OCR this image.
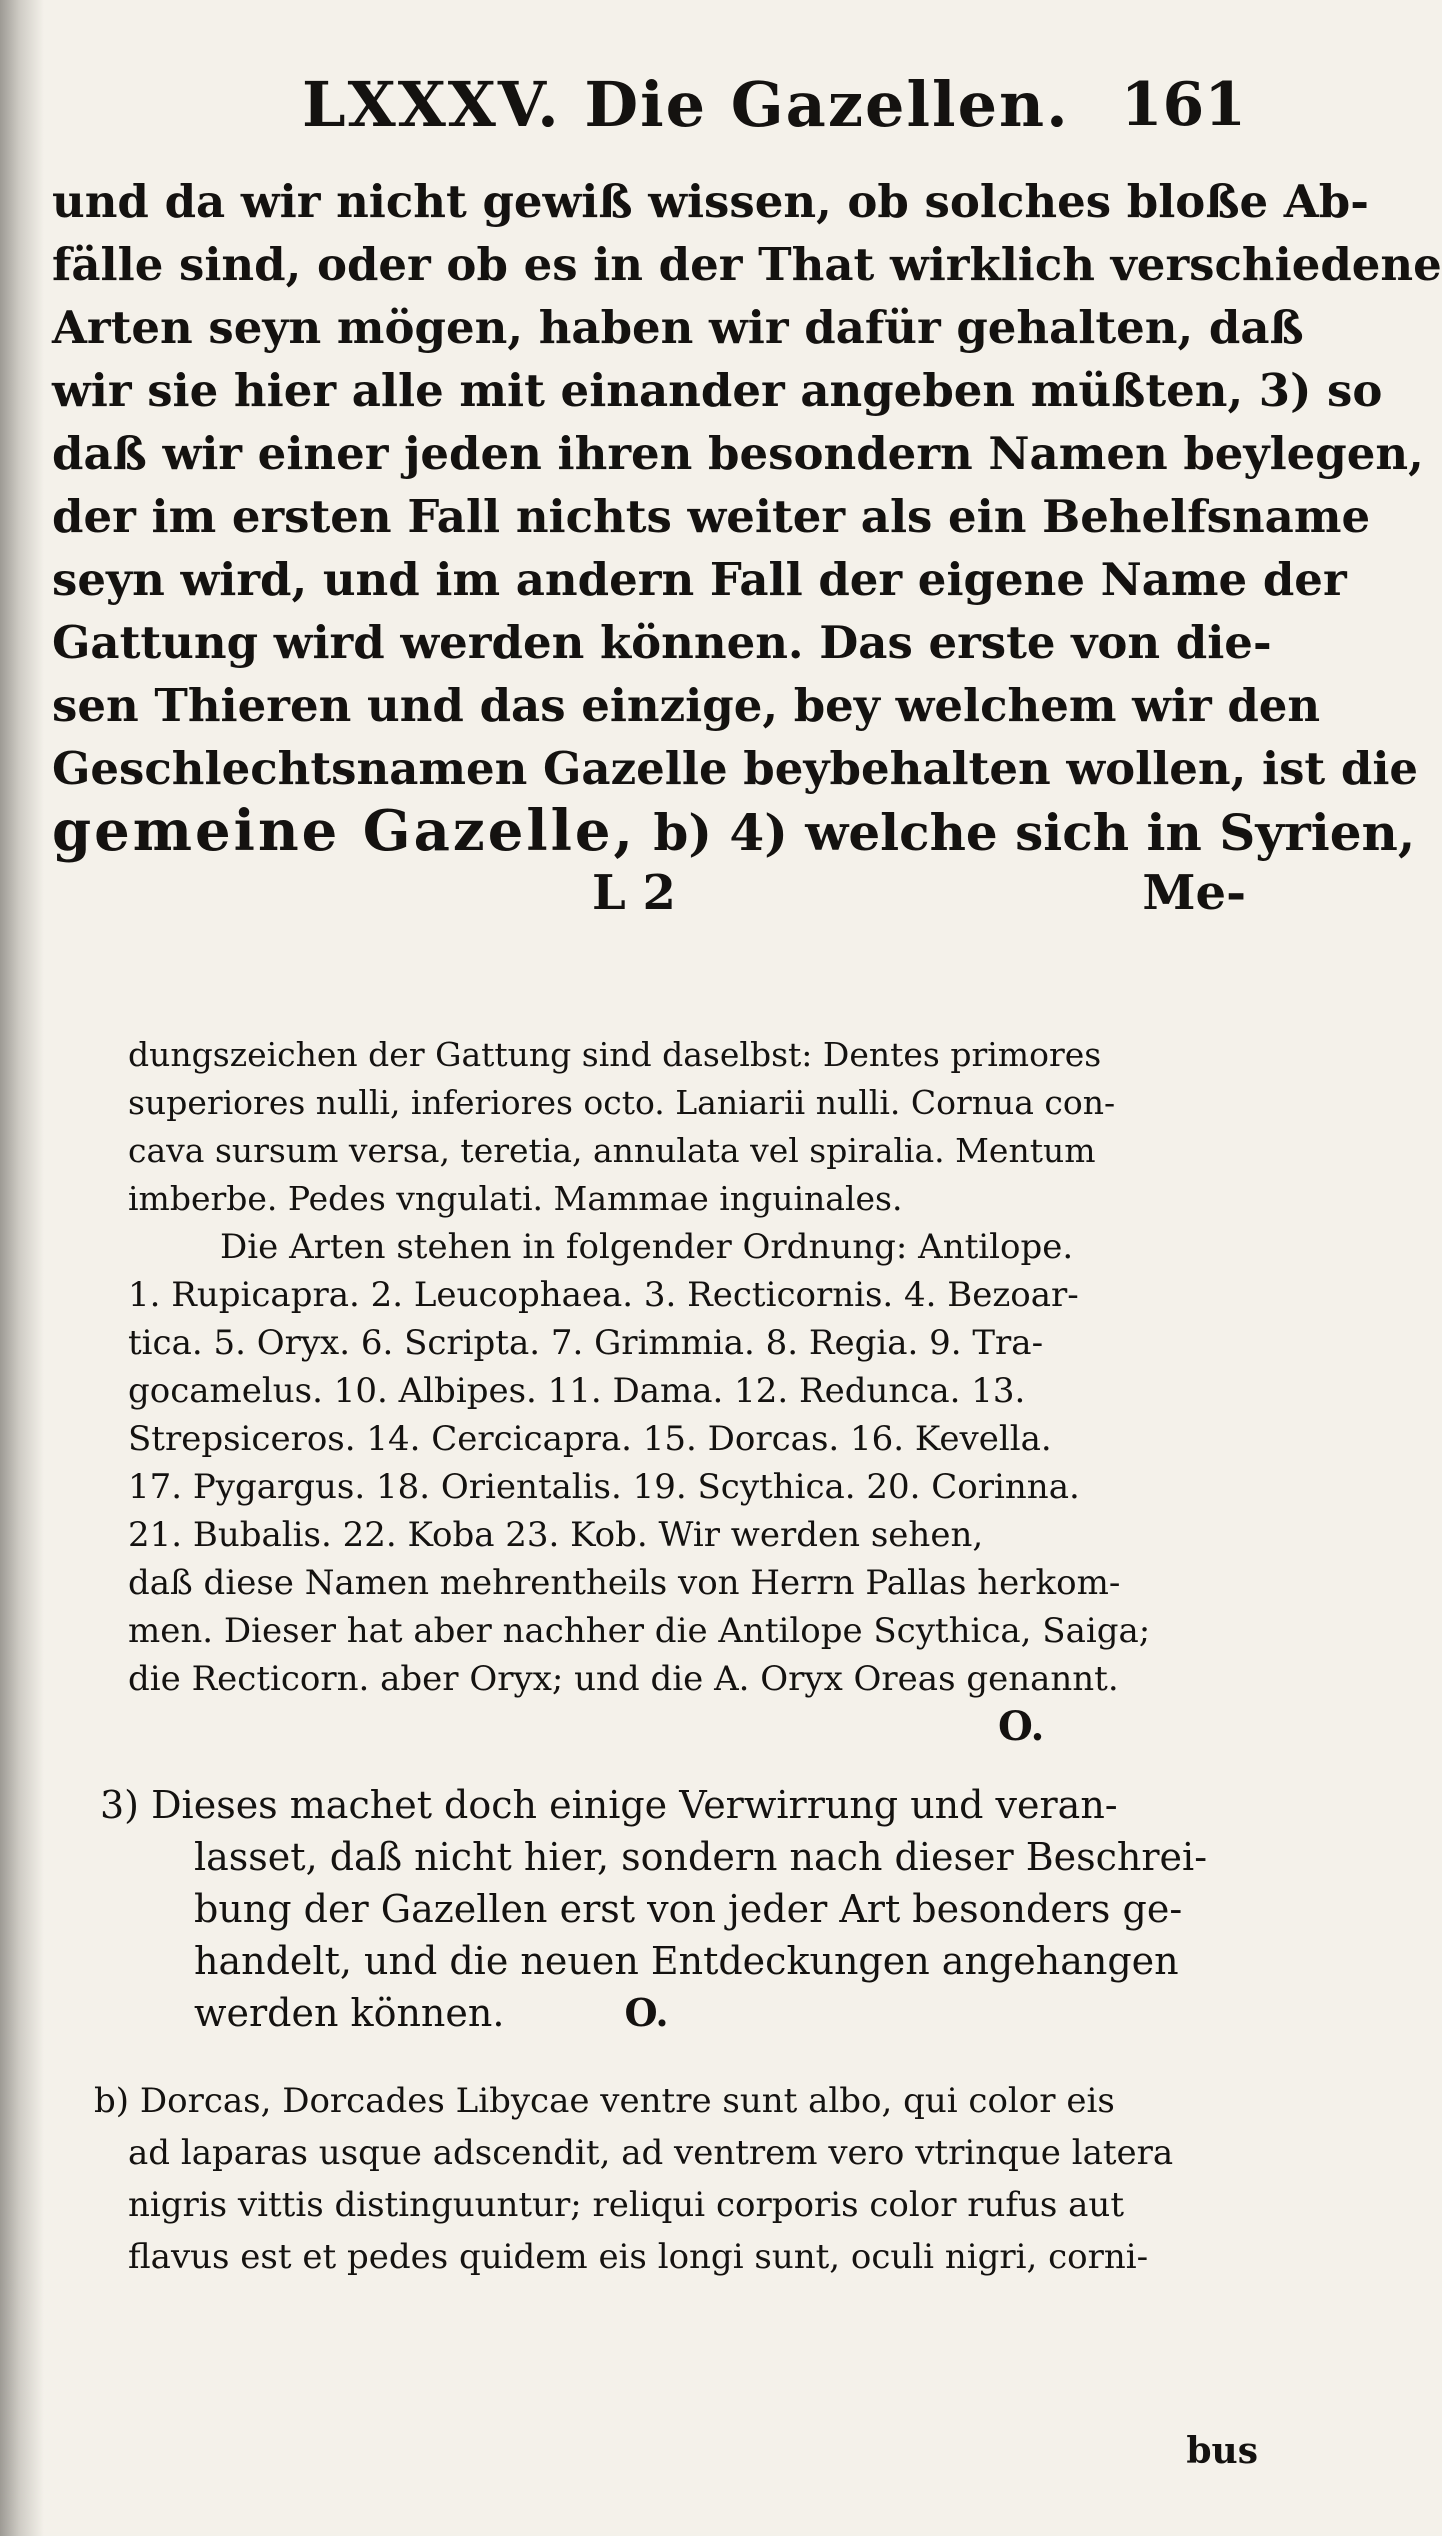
LXXXV. Die Gazellen. 161
und da wir nicht gewiß wissen, ob solches bloße Ab-
fälle sind, oder ob es in der That wirklich verschiedene
Arten seyn mögen, haben wir dafür gehalten, daß
wir sie hier alle mit einander angeben müßten, 3) so
daß wir einer jeden ihren besondern Namen beylegen,
der im ersten Fall nichts weiter als ein Behelfsname
seyn wird, und im andern Fall der eigene Name der
Gattung wird werden können. Das erste von die-
sen Thieren und das einzige, bey welchem wir den
Geschlechtsnamen Gazelle beybehalten wollen, ist die
gemeine Gazelle, b) 4) welche sich in Syrien,
L 2	Me-
dungszeichen der Gattung sind daselbst: Dentes primores
superiores nulli, inferiores octo. Laniarii nulli. Cornua con-
cava sursum versa, teretia, annulata vel spiralia. Mentum
imberbe. Pedes vngulati. Mammae inguinales.
Die Arten stehen in folgender Ordnung: Antilope.
1. Rupicapra. 2. Leucophaea. 3. Recticornis. 4. Bezoar-
tica. 5. Oryx. 6. Scripta. 7. Grimmia. 8. Regia. 9. Tra-
gocamelus. 10. Albipes. 11. Dama. 12. Redunca. 13.
Strepsiceros. 14. Cercicapra. 15. Dorcas. 16. Kevella.
17. Pygargus. 18. Orientalis. 19. Scythica. 20. Corinna.
21. Bubalis. 22. Koba 23. Kob. Wir werden sehen,
daß diese Namen mehrentheils von Herrn Pallas herkom-
men. Dieser hat aber nachher die Antilope Scythica, Saiga;
die Recticorn. aber Oryx; und die A. Oryx Oreas genannt.
O.
3) Dieses machet doch einige Verwirrung und veran-
lasset, daß nicht hier, sondern nach dieser Beschrei-
bung der Gazellen erst von jeder Art besonders ge-
handelt, und die neuen Entdeckungen angehangen
werden können.	O.
b) Dorcas, Dorcades Libycae ventre sunt albo, qui color eis
ad laparas usque adscendit, ad ventrem vero vtrinque latera
nigris vittis distinguuntur; reliqui corporis color rufus aut
flavus est et pedes quidem eis longi sunt, oculi nigri, corni-
bus
